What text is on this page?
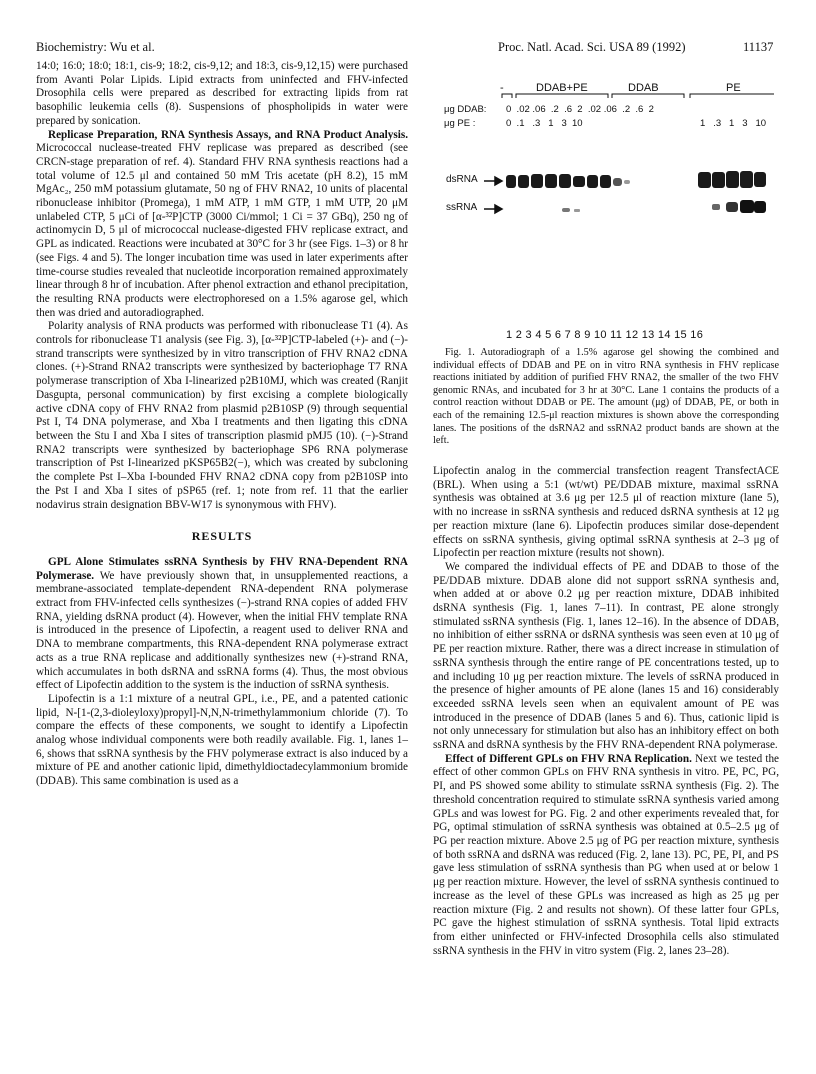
Biochemistry: Wu et al.	Proc. Natl. Acad. Sci. USA 89 (1992)	11137

14:0; 16:0; 18:0; 18:1, cis-9; 18:2, cis-9,12; and 18:3, cis-9,12,15) were purchased from Avanti Polar Lipids. Lipid extracts from uninfected and FHV-infected Drosophila cells were prepared as described for extracting lipids from rat basophilic leukemia cells (8). Suspensions of phospholipids in water were prepared by sonication.

Replicase Preparation, RNA Synthesis Assays, and RNA Product Analysis. Micrococcal nuclease-treated FHV replicase was prepared as described (see CRCN-stage preparation of ref. 4). Standard FHV RNA synthesis reactions had a total volume of 12.5 μl and contained 50 mM Tris acetate (pH 8.2), 15 mM MgAc₂, 250 mM potassium glutamate, 50 ng of FHV RNA2, 10 units of placental ribonuclease inhibitor (Promega), 1 mM ATP, 1 mM GTP, 1 mM UTP, 20 μM unlabeled CTP, 5 μCi of [α-³²P]CTP (3000 Ci/mmol; 1 Ci = 37 GBq), 250 ng of actinomycin D, 5 μl of micrococcal nuclease-digested FHV replicase extract, and GPL as indicated. Reactions were incubated at 30°C for 3 hr (see Figs. 1–3) or 8 hr (see Figs. 4 and 5). The longer incubation time was used in later experiments after time-course studies revealed that nucleotide incorporation remained approximately linear through 8 hr of incubation. After phenol extraction and ethanol precipitation, the resulting RNA products were electrophoresed on a 1.5% agarose gel, which then was dried and autoradiographed.

Polarity analysis of RNA products was performed with ribonuclease T1 (4). As controls for ribonuclease T1 analysis (see Fig. 3), [α-³²P]CTP-labeled (+)- and (−)-strand transcripts were synthesized by in vitro transcription of FHV RNA2 cDNA clones. (+)-Strand RNA2 transcripts were synthesized by bacteriophage T7 RNA polymerase transcription of Xba I-linearized p2B10MJ, which was created (Ranjit Dasgupta, personal communication) by first excising a complete biologically active cDNA copy of FHV RNA2 from plasmid p2B10SP (9) through sequential Pst I, T4 DNA polymerase, and Xba I treatments and then ligating this cDNA between the Stu I and Xba I sites of transcription plasmid pMJ5 (10). (−)-Strand RNA2 transcripts were synthesized by bacteriophage SP6 RNA polymerase transcription of Pst I-linearized pKSP65B2(−), which was created by subcloning the complete Pst I–Xba I-bounded FHV RNA2 cDNA copy from p2B10SP into the Pst I and Xba I sites of pSP65 (ref. 1; note from ref. 11 that the earlier nodavirus strain designation BBV-W17 is synonymous with FHV).

RESULTS

GPL Alone Stimulates ssRNA Synthesis by FHV RNA-Dependent RNA Polymerase. We have previously shown that, in unsupplemented reactions, a membrane-associated template-dependent RNA-dependent RNA polymerase extract from FHV-infected cells synthesizes (−)-strand RNA copies of added FHV RNA, yielding dsRNA product (4). However, when the initial FHV template RNA is introduced in the presence of Lipofectin, a reagent used to deliver RNA and DNA to membrane compartments, this RNA-dependent RNA polymerase extract acts as a true RNA replicase and additionally synthesizes new (+)-strand RNA, which accumulates in both dsRNA and ssRNA forms (4). Thus, the most obvious effect of Lipofectin addition to the system is the induction of ssRNA synthesis.

Lipofectin is a 1:1 mixture of a neutral GPL, i.e., PE, and a patented cationic lipid, N-[1-(2,3-dioleyloxy)propyl]-N,N,N-trimethylammonium chloride (7). To compare the effects of these components, we sought to identify a Lipofectin analog whose individual components were both readily available. Fig. 1, lanes 1–6, shows that ssRNA synthesis by the FHV polymerase extract is also induced by a mixture of PE and another cationic lipid, dimethyldioctadecylammonium bromide (DDAB). This same combination is used as a

-	DDAB+PE	DDAB	PE
μg DDAB: 0  .02 .06  .2  .6  2  .02 .06  .2  .6  2
μg PE :	0  .1   .3   1   3  10	1   .3   1   3   10
dsRNA
ssRNA
1 2 3 4 5 6 7 8 9 10 11 12 13 14 15 16

Fig. 1. Autoradiograph of a 1.5% agarose gel showing the combined and individual effects of DDAB and PE on in vitro RNA synthesis in FHV replicase reactions initiated by addition of purified FHV RNA2, the smaller of the two FHV genomic RNAs, and incubated for 3 hr at 30°C. Lane 1 contains the products of a control reaction without DDAB or PE. The amount (μg) of DDAB, PE, or both in each of the remaining 12.5-μl reaction mixtures is shown above the corresponding lanes. The positions of the dsRNA2 and ssRNA2 product bands are shown at the left.

Lipofectin analog in the commercial transfection reagent TransfectACE (BRL). When using a 5:1 (wt/wt) PE/DDAB mixture, maximal ssRNA synthesis was obtained at 3.6 μg per 12.5 μl of reaction mixture (lane 5), with no increase in ssRNA synthesis and reduced dsRNA synthesis at 12 μg per reaction mixture (lane 6). Lipofectin produces similar dose-dependent effects on ssRNA synthesis, giving optimal ssRNA synthesis at 2–3 μg of Lipofectin per reaction mixture (results not shown).

We compared the individual effects of PE and DDAB to those of the PE/DDAB mixture. DDAB alone did not support ssRNA synthesis and, when added at or above 0.2 μg per reaction mixture, DDAB inhibited dsRNA synthesis (Fig. 1, lanes 7–11). In contrast, PE alone strongly stimulated ssRNA synthesis (Fig. 1, lanes 12–16). In the absence of DDAB, no inhibition of either ssRNA or dsRNA synthesis was seen even at 10 μg of PE per reaction mixture. Rather, there was a direct increase in stimulation of ssRNA synthesis through the entire range of PE concentrations tested, up to and including 10 μg per reaction mixture. The levels of ssRNA produced in the presence of higher amounts of PE alone (lanes 15 and 16) considerably exceeded ssRNA levels seen when an equivalent amount of PE was introduced in the presence of DDAB (lanes 5 and 6). Thus, cationic lipid is not only unnecessary for stimulation but also has an inhibitory effect on both ssRNA and dsRNA synthesis by the FHV RNA-dependent RNA polymerase.

Effect of Different GPLs on FHV RNA Replication. Next we tested the effect of other common GPLs on FHV RNA synthesis in vitro. PE, PC, PG, PI, and PS showed some ability to stimulate ssRNA synthesis (Fig. 2). The threshold concentration required to stimulate ssRNA synthesis varied among GPLs and was lowest for PG. Fig. 2 and other experiments revealed that, for PG, optimal stimulation of ssRNA synthesis was obtained at 0.5–2.5 μg of PG per reaction mixture. Above 2.5 μg of PG per reaction mixture, synthesis of both ssRNA and dsRNA was reduced (Fig. 2, lane 13). PC, PE, PI, and PS gave less stimulation of ssRNA synthesis than PG when used at or below 1 μg per reaction mixture. However, the level of ssRNA synthesis continued to increase as the level of these GPLs was increased as high as 25 μg per reaction mixture (Fig. 2 and results not shown). Of these latter four GPLs, PC gave the highest stimulation of ssRNA synthesis. Total lipid extracts from either uninfected or FHV-infected Drosophila cells also stimulated ssRNA synthesis in the FHV in vitro system (Fig. 2, lanes 23–28).
